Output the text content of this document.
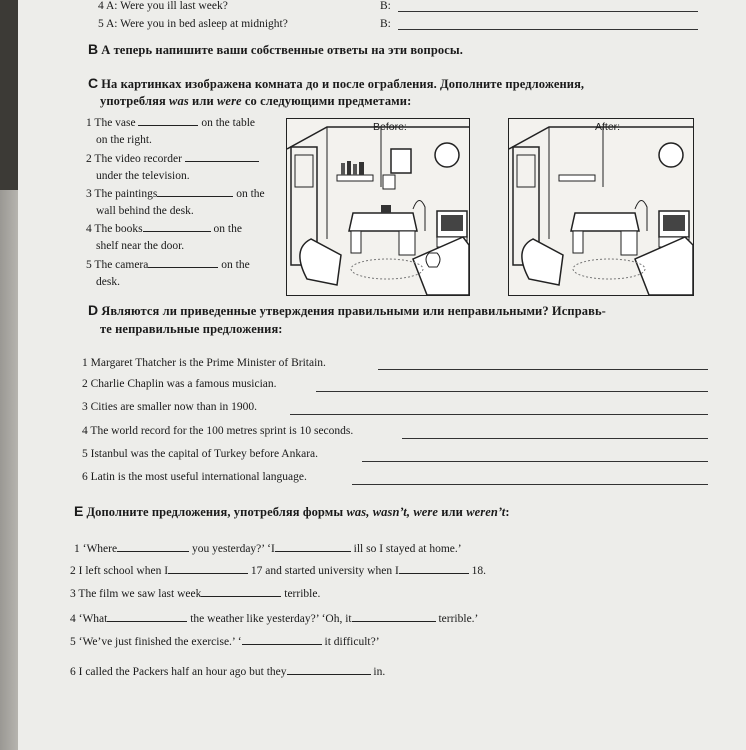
4 A: Were you ill last week?	B:
5 A: Were you in bed asleep at midnight?	B:
B А теперь напишите ваши собственные ответы на эти вопросы.
C На картинках изображена комната до и после ограбления. Дополните предложения,
употребляя was или were со следующими предметами:
1 The vase	on the table
on the right.
2 The video recorder
under the television.
3 The paintings	on the
wall behind the desk.
4 The books	on the
shelf near the door.
5 The camera	on the
desk.
Before:	After:
D Являются ли приведенные утверждения правильными или неправильными? Исправь-
те неправильные предложения:
1 Margaret Thatcher is the Prime Minister of Britain.
2 Charlie Chaplin was a famous musician.
3 Cities are smaller now than in 1900.
4 The world record for the 100 metres sprint is 10 seconds.
5 Istanbul was the capital of Turkey before Ankara.
6 Latin is the most useful international language.
E Дополните предложения, употребляя формы was, wasn’t, were или weren’t:
1 ‘Where	you yesterday?’ ‘I	ill so I stayed at home.’
2 I left school when I	17 and started university when I	18.
3 The film we saw last week	terrible.
4 ‘What	the weather like yesterday?’ ‘Oh, it	terrible.’
5 ‘We’ve just finished the exercise.’ ‘	it difficult?’
6 I called the Packers half an hour ago but they	in.
